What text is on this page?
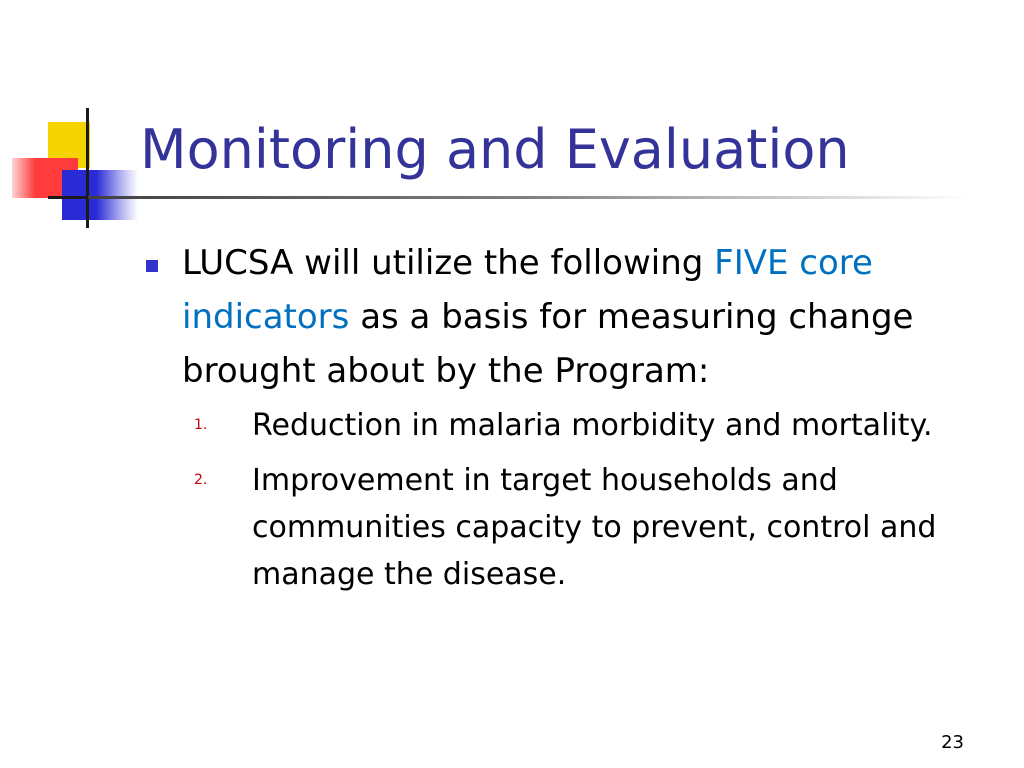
Monitoring and Evaluation
LUCSA will utilize the following FIVE core indicators as a basis for measuring change brought about by the Program:
1. Reduction in malaria morbidity and mortality.
2. Improvement in target households and communities capacity to prevent, control and manage the disease.
23
